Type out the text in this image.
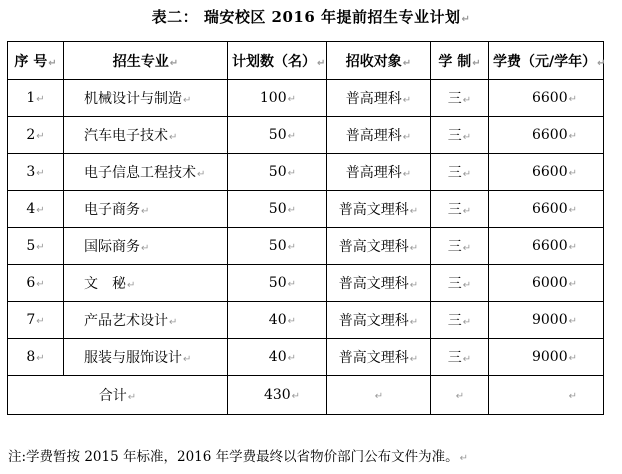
表二： 瑞安校区 2016 年提前招生专业计划↵
序 号↵	招生专业↵	计划数（名）↵	招收对象↵	学 制↵	学费（元/学年）↵
1↵	机械设计与制造↵	100↵	普高理科↵	三↵	6600↵
2↵	汽车电子技术↵	50↵	普高理科↵	三↵	6600↵
3↵	电子信息工程技术↵	50↵	普高理科↵	三↵	6600↵
4↵	电子商务↵	50↵	普高文理科↵	三↵	6600↵
5↵	国际商务↵	50↵	普高文理科↵	三↵	6600↵
6↵	文　秘↵	50↵	普高文理科↵	三↵	6000↵
7↵	产品艺术设计↵	40↵	普高文理科↵	三↵	9000↵
8↵	服装与服饰设计↵	40↵	普高文理科↵	三↵	9000↵
合计↵		430↵	↵	↵	↵
注:学费暂按 2015 年标准，2016 年学费最终以省物价部门公布文件为准。↵
